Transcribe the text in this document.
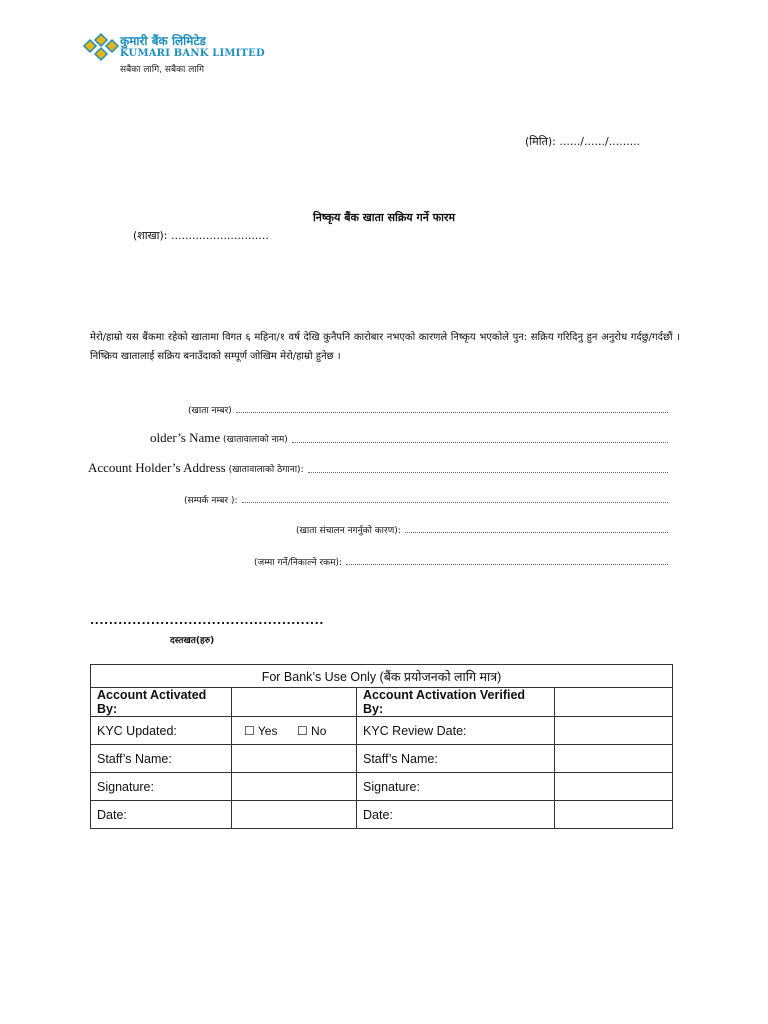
कुमारी बैंक लिमिटेड
KUMARI BANK LIMITED
सबैका लागि, सबैका लागि
(मिति): ....../....../.........
निष्कृय बैंक खाता सक्रिय गर्ने फारम
(शाखा): ............................
मेरो/हाम्रो यस बैंकमा रहेको खातामा विगत ६ महिना/१ वर्ष देखि कुनैपनि कारोबार नभएको कारणले निष्कृय भएकोले पुन: सक्रिय गरिदिनु हुन अनुरोध गर्दछु/गर्दछौं । निष्क्रिय खातालाई सक्रिय बनाउँदाको सम्पूर्ण जोखिम मेरो/हाम्रो हुनेछ ।
(खाता नम्बर)
older’s Name (खातावालाको नाम)
Account Holder’s Address (खातावालाको ठेगाना):
(सम्पर्क नम्बर ):
(खाता संचालन नगर्नुको कारण):
(जम्मा गर्ने/निकाल्ने रकम):
..................................................
दस्तखत(हरु)
For Bank’s Use Only (बैंक प्रयोजनको लागि मात्र)			
Account Activated By:		Account Activation Verified By:	
KYC Updated:	☐ Yes ☐ No	KYC Review Date:	
Staff’s Name:		Staff’s Name:	
Signature:		Signature:	
Date:		Date:	
